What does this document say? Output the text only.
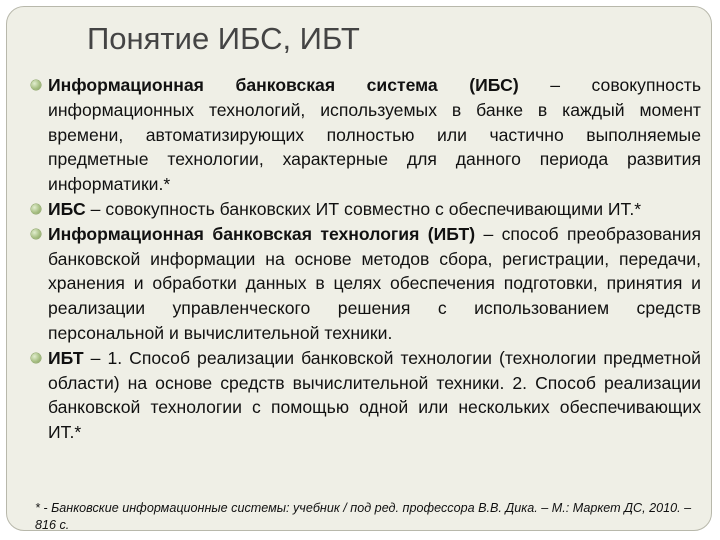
Понятие ИБС, ИБТ
Информационная банковская система (ИБС) – совокупность информационных технологий, используемых в банке в каждый момент времени, автоматизирующих полностью или частично выполняемые предметные технологии, характерные для данного периода развития информатики.*
ИБС – совокупность банковских ИТ совместно с обеспечивающими ИТ.*
Информационная банковская технология (ИБТ) – способ преобразования банковской информации на основе методов сбора, регистрации, передачи, хранения и обработки данных в целях обеспечения подготовки, принятия и реализации управленческого решения с использованием средств персональной и вычислительной техники.
ИБТ – 1. Способ реализации банковской технологии (технологии предметной области) на основе средств вычислительной техники. 2. Способ реализации банковской технологии с помощью одной или нескольких обеспечивающих ИТ.*

* - Банковские информационные системы: учебник / под ред. профессора В.В. Дика. – М.: Маркет ДС, 2010. – 816 с.
